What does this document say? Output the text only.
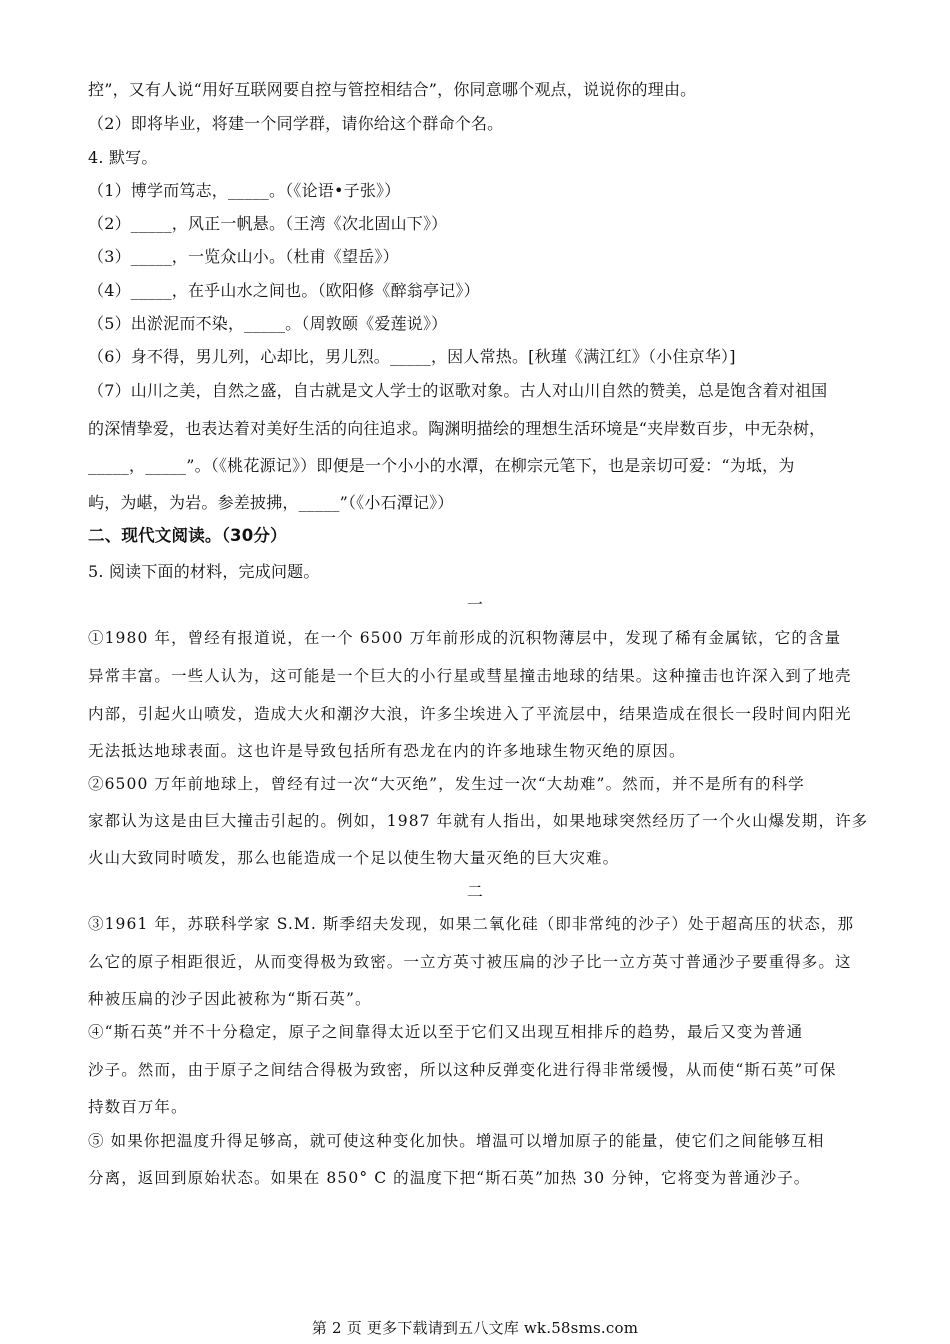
控”，又有人说“用好互联网要自控与管控相结合”，你同意哪个观点，说说你的理由。
（2）即将毕业，将建一个同学群，请你给这个群命个名。
4. 默写。
（1）博学而笃志，_____。（《论语•子张》）
（2）_____，风正一帆悬。（王湾《次北固山下》）
（3）_____，一览众山小。（杜甫《望岳》）
（4）_____，在乎山水之间也。（欧阳修《醉翁亭记》）
（5）出淤泥而不染，_____。（周敦颐《爱莲说》）
（6）身不得，男儿列，心却比，男儿烈。_____，因人常热。[秋瑾《满江红》（小住京华）]
（7）山川之美，自然之盛，自古就是文人学士的讴歌对象。古人对山川自然的赞美，总是饱含着对祖国
的深情挚爱，也表达着对美好生活的向往追求。陶渊明描绘的理想生活环境是“夹岸数百步，中无杂树，
_____，_____”。（《桃花源记》）即便是一个小小的水潭，在柳宗元笔下，也是亲切可爱：“为坻，为
屿，为嵁，为岩。参差披拂，_____”（《小石潭记》）
二、现代文阅读。（30分）
5. 阅读下面的材料，完成问题。
一
①1980 年，曾经有报道说，在一个 6500 万年前形成的沉积物薄层中，发现了稀有金属铱，它的含量
异常丰富。一些人认为，这可能是一个巨大的小行星或彗星撞击地球的结果。这种撞击也许深入到了地壳
内部，引起火山喷发，造成大火和潮汐大浪，许多尘埃进入了平流层中，结果造成在很长一段时间内阳光
无法抵达地球表面。这也许是导致包括所有恐龙在内的许多地球生物灭绝的原因。
②6500 万年前地球上，曾经有过一次“大灭绝”，发生过一次“大劫难”。然而，并不是所有的科学
家都认为这是由巨大撞击引起的。例如，1987 年就有人指出，如果地球突然经历了一个火山爆发期，许多
火山大致同时喷发，那么也能造成一个足以使生物大量灭绝的巨大灾难。
二
③1961 年，苏联科学家 S.M. 斯季绍夫发现，如果二氧化硅（即非常纯的沙子）处于超高压的状态，那
么它的原子相距很近，从而变得极为致密。一立方英寸被压扁的沙子比一立方英寸普通沙子要重得多。这
种被压扁的沙子因此被称为“斯石英”。
④“斯石英”并不十分稳定，原子之间靠得太近以至于它们又出现互相排斥的趋势，最后又变为普通
沙子。然而，由于原子之间结合得极为致密，所以这种反弹变化进行得非常缓慢，从而使“斯石英”可保
持数百万年。
⑤ 如果你把温度升得足够高，就可使这种变化加快。增温可以增加原子的能量，使它们之间能够互相
分离，返回到原始状态。如果在 850° C 的温度下把“斯石英”加热 30 分钟，它将变为普通沙子。
第 2 页 更多下载请到五八文库 wk.58sms.com
